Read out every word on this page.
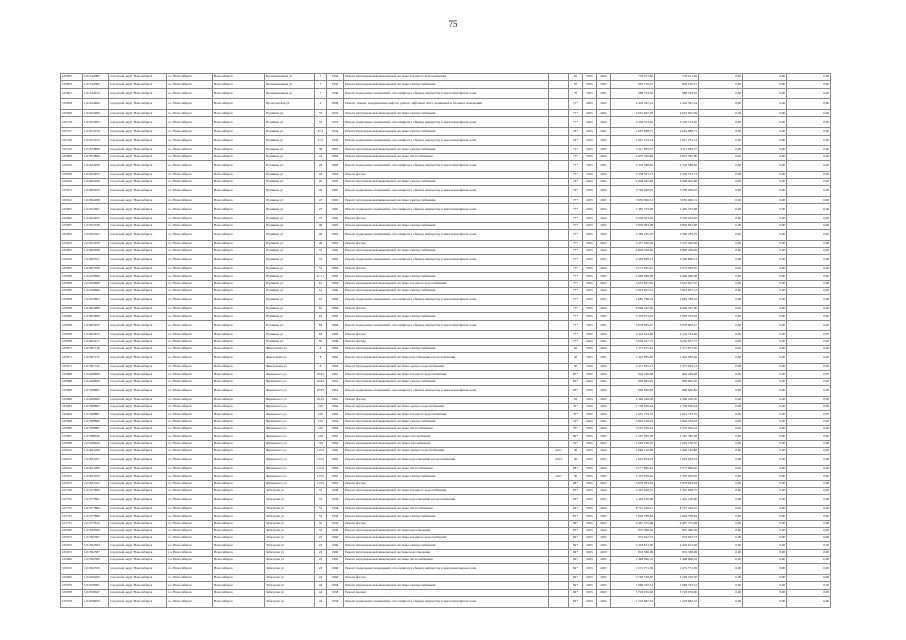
75
105825	1.01542385	городской округ Новосибирск	г.о. Новосибирск	Новосибирск	Промышленная ул	7	1950	Ремонт внутридомовой инженерной системы холодного водоснабжения		95	2025	2025	776 251,82	776 251,82	0,00	0,00	0,00
105823	1.01542383	городской округ Новосибирск	г.о. Новосибирск	Новосибирск	Промышленная ул	7	1950	Ремонт внутридомовой инженерной системы электроснабжения		95	2025	2025	959 156,51	959 156,51	0,00	0,00	0,00
105821	1.01542424	городской округ Новосибирск	г.о. Новосибирск	Новосибирск	Промышленная ул	7	1950	Ремонт подвальных помещений, относящихся к общему имуществу в многоквартирном доме		70	2025	2025	688 704,52	688 704,52	0,00	0,00	0,00
105858	1.01614469	городской округ Новосибирск	г.о. Новосибирск	Новосибирск	Пролетарская ул	4	2008	Ремонт, замена, модернизация лифтов, ремонт лифтовых шахт, машинных и блочных помещений		71*	2025	2025	2 418 597,14	2 418 597,14	0,00	0,00	0,00
105839	1.01653909	городской округ Новосибирск	г.о. Новосибирск	Новосибирск	Пушкина ул	37	1955	Ремонт внутридомовой инженерной системы электроснабжения		77*	2025	2025	4 655 697,09	4 655 697,09	0,00	0,00	0,00
105128	1.01653903	городской округ Новосибирск	г.о. Новосибирск	Новосибирск	Пушкина ул	37	1955	Ремонт подвальных помещений, относящихся к общему имуществу в многоквартирном доме		77*	2025	2025	2 536 574,20	2 536 574,20	0,00	0,00	0,00
105317	1.01674758	городской округ Новосибирск	г.о. Новосибирск	Новосибирск	Пушкина ул	37/1	1956	Ремонт внутридомовой инженерной системы электроснабжения		76*	2025	2025	2 663 988,71	2 663 988,71	0,00	0,00	0,00
105318	1.01674752	городской округ Новосибирск	г.о. Новосибирск	Новосибирск	Пушкина ул	37/1	1956	Ремонт подвальных помещений, относящихся к общему имуществу в многоквартирном доме		76*	2025	2025	1 047 274,14	1 047 274,14	0,00	0,00	0,00
105316	1.01674808	городской округ Новосибирск	г.о. Новосибирск	Новосибирск	Пушкина ул	39	1963	Ремонт внутридомовой инженерной системы электроснабжения		71*	2025	2025	3 311 083,37	3 311 083,37	0,00	0,00	0,00
105808	1.01674809	городской округ Новосибирск	г.о. Новосибирск	Новосибирск	Пушкина ул	43	1963	Ремонт внутридомовой инженерной системы теплоснабжения		77*	2025	2025	4 855 392,86	4 855 392,86	0,00	0,00	0,00
105810	1.01654030	городской округ Новосибирск	г.о. Новосибирск	Новосибирск	Пушкина ул	43	1963	Ремонт подвальных помещений, относящихся к общему имуществу в многоквартирном доме		77*	2025	2025	2 319 588,62	2 319 588,62	0,00	0,00	0,00
105058	1.01654055	городской округ Новосибирск	г.о. Новосибирск	Новосибирск	Пушкина ул	43	1963	Ремонт фасада		77*	2025	2025	5 338 523,73	5 338 523,73	0,00	0,00	0,00
105816	1.01694108	городской округ Новосибирск	г.о. Новосибирск	Новосибирск	Пушкина ул	45	1965	Ремонт внутридомовой инженерной системы электроснабжения		76*	2025	2025	4 908 005,66	4 908 005,66	0,00	0,00	0,00
105815	1.01694100	городской округ Новосибирск	г.о. Новосибирск	Новосибирск	Пушкина ул	45	1965	Ремонт подвальных помещений, относящихся к общему имуществу в многоквартирном доме		76*	2025	2025	3 799 048,07	3 799 048,07	0,00	0,00	0,00
105812	1.01694098	городской округ Новосибирск	г.о. Новосибирск	Новосибирск	Пушкина ул	47	1965	Ремонт внутридомовой инженерной системы электроснабжения		77*	2025	2025	3 859 066,31	3 859 066,31	0,00	0,00	0,00
105837	1.01654307	городской округ Новосибирск	г.о. Новосибирск	Новосибирск	Пушкина ул	47	1965	Ремонт подвальных помещений, относящихся к общему имуществу в многоквартирном доме		77*	2025	2025	7 465 703,08	7 465 703,08	0,00	0,00	0,00
105842	1.01654203	городской округ Новосибирск	г.о. Новосибирск	Новосибирск	Пушкина ул	47	1965	Ремонт фасада		77*	2025	2025	3 556 453,02	3 556 453,02	0,00	0,00	0,00
105837	1.01654338	городской округ Новосибирск	г.о. Новосибирск	Новосибирск	Пушкина ул	49	1965	Ремонт внутридомовой инженерной системы электроснабжения		77*	2025	2025	3 850 993,08	3 850 993,08	0,00	0,00	0,00
105843	1.01654303	городской округ Новосибирск	г.о. Новосибирск	Новосибирск	Пушкина ул	49	1965	Ремонт подвальных помещений, относящихся к общему имуществу в многоквартирном доме		77*	2025	2025	2 566 185,79	2 566 185,79	0,00	0,00	0,00
105823	1.01654359	городской округ Новосибирск	г.о. Новосибирск	Новосибирск	Пушкина ул	49	1965	Ремонт фасада		77*	2025	2025	5 337 420,36	5 337 420,36	0,00	0,00	0,00
105825	1.01663598	городской округ Новосибирск	г.о. Новосибирск	Новосибирск	Пушкина ул	53	1965	Ремонт внутридомовой инженерной системы электроснабжения		77*	2025	2025	4 809 436,09	4 809 436,09	0,00	0,00	0,00
105919	1.01663557	городской округ Новосибирск	г.о. Новосибирск	Новосибирск	Пушкина ул	53	1965	Ремонт подвальных помещений, относящихся к общему имуществу в многоквартирном доме		77*	2025	2025	2 596 898,13	2 596 898,13	0,00	0,00	0,00
105825	1.01663558	городской округ Новосибирск	г.о. Новосибирск	Новосибирск	Пушкина ул	53	1965	Ремонт фасада		77*	2025	2025	5 572 020,95	5 572 020,95	0,00	0,00	0,00
105828	1.01458609	городской округ Новосибирск	г.о. Новосибирск	Новосибирск	Пушкина ул	2/ст.1	1966	Ремонт внутридомовой инженерной системы электроснабжения		77*	2025	2025	4 966 966,08	4 966 966,08	0,00	0,00	0,00
105838	1.01458608	городской округ Новосибирск	г.о. Новосибирск	Новосибирск	Пушкина ул	61	1966	Ремонт внутридомовой инженерной системы холодного водоснабжения		77*	2025	2025	5 655 607,65	5 655 607,65	0,00	0,00	0,00
105839	1.01458606	городской округ Новосибирск	г.о. Новосибирск	Новосибирск	Пушкина ул	61	1966	Ремонт внутридомовой инженерной системы электроснабжения		77*	2025	2025	3 943 657,12	3 943 657,12	0,00	0,00	0,00
105838	1.01458603	городской округ Новосибирск	г.о. Новосибирск	Новосибирск	Пушкина ул	61	1966	Ремонт подвальных помещений, относящихся к общему имуществу в многоквартирном доме		77*	2025	2025	2 682 788,16	2 682 788,16	0,00	0,00	0,00
105839	1.01663906	городской округ Новосибирск	г.о. Новосибирск	Новосибирск	Пушкина ул	61	1966	Ремонт фасада		77*	2025	2025	6 966 547,06	6 966 547,06	0,00	0,00	0,00
105840	1.01663909	городской округ Новосибирск	г.о. Новосибирск	Новосибирск	Пушкина ул	63	1966	Ремонт внутридомовой инженерной системы электроснабжения		77*	2025	2025	5 293 353,63	5 293 353,63	0,00	0,00	0,00
105838	1.01663932	городской округ Новосибирск	г.о. Новосибирск	Новосибирск	Пушкина ул	63	1966	Ремонт подвальных помещений, относящихся к общему имуществу в многоквартирном доме		77*	2025	2025	3 678 809,47	3 678 809,47	0,00	0,00	0,00
105838	1.01663913	городской округ Новосибирск	г.о. Новосибирск	Новосибирск	Пушкина ул	63	1966	Ремонт фасада		77*	2025	2025	2 316 534,66	2 316 534,66	0,00	0,00	0,00
105838	1.01663917	городской округ Новосибирск	г.о. Новосибирск	Новосибирск	Пушкина ул	65	1966	Ремонт фасада		77*	2025	2025	3 039 027,72	3 039 027,72	0,00	0,00	0,00
105875	1.01587138	городской округ Новосибирск	г.о. Новосибирск	Новосибирск	Жемчужная ул	8	1962	Ремонт внутридомовой инженерной системы электроснабжения		50	2025	2025	1 371 675,92	1 371 675,92	0,00	0,00	0,00
105871	1.01587137	городской округ Новосибирск	г.о. Новосибирск	Новосибирск	Жемчужная ул	8	1962	Ремонт внутридомовой инженерной системы водоотведения и водоснабжения		50	2025	2025	1 422 085,46	1 422 085,46	0,00	0,00	0,00
105971	1.01587145	городской округ Новосибирск	г.о. Новосибирск	Новосибирск	Жемчужная ул	8	1962	Ремонт внутридомовой инженерной системы горячего водоснабжения		50	2025	2025	1 371 625,12	1 371 625,12	0,00	0,00	0,00
105868	1.01498609	городской округ Новосибирск	г.о. Новосибирск	Новосибирск	Жуковского ул	103/3	1961	Ремонт внутридомовой инженерной системы холодного водоснабжения		83*	2025	2025	904 299,98	904 299,98	0,00	0,00	0,00
105868	1.01498608	городской округ Новосибирск	г.о. Новосибирск	Новосибирск	Жуковского ул	103/2	1961	Ремонт внутридомовой инженерной системы электроснабжения		83*	2025	2025	809 695,95	809 695,95	0,00	0,00	0,00
105868	1.01598605	городской округ Новосибирск	г.о. Новосибирск	Новосибирск	Жуковского ул	103/2	1961	Ремонт подвальных помещений, относящихся к общему имуществу в многоквартирном доме		83*	2025	2025	696 820,82	696 820,82	0,00	0,00	0,00
105906	1.01498606	городской округ Новосибирск	г.о. Новосибирск	Новосибирск	Жуковского ул	103/2	1961	Ремонт фасада		83	2025	2025	2 369 428,56	2 369 428,56	0,00	0,00	0,00
105905	1.01588883	городской округ Новосибирск	г.о. Новосибирск	Новосибирск	Жуковского ул	105	1964	Ремонт внутридомовой инженерной системы горячего водоснабжения		79*	2025	2025	1 758 038,44	1 758 038,44	0,00	0,00	0,00
105904	1.01588885	городской округ Новосибирск	г.о. Новосибирск	Новосибирск	Жуковского ул	105	1964	Ремонт внутридомовой инженерной системы холодного водоснабжения		79*	2025	2025	1 001 703,55	1 001 703,55	0,00	0,00	0,00
105908	1.01588886	городской округ Новосибирск	г.о. Новосибирск	Новосибирск	Жуковского ул	105	1964	Ремонт внутридомовой инженерной системы электроснабжения		79*	2025	2025	5 994 558,43	5 994 558,43	0,00	0,00	0,00
105906	1.01588887	городской округ Новосибирск	г.о. Новосибирск	Новосибирск	Жуковского ул	105	1964	Ремонт внутридомовой инженерной системы теплоснабжения		79*	2025	2025	3 510 056,44	3 510 056,44	0,00	0,00	0,00
105907	1.01588338	городской округ Новосибирск	г.о. Новосибирск	Новосибирск	Жуковского ул	109	1965	Ремонт внутридомовой инженерной системы газоснабжения		80*	2025	2025	1 267 582,28	1 267 582,28	0,00	0,00	0,00
105908	1.01649924	городской округ Новосибирск	г.о. Новосибирск	Новосибирск	Жуковского ул	119	1964	Ремонт внутридомовой инженерной системы газоснабжения		79*	2025	2025	1 029 196,35	1 029 196,35	0,00	0,00	0,00
105912	1.01831208	городской округ Новосибирск	г.о. Новосибирск	Новосибирск	Жуковского ул	115/2	1965	Ремонт внутридомовой инженерной системы горячего водоснабжения	2011	30	2025	2025	1 996 130,68	1 996 130,68	0,00	0,00	0,00
105912	1.01831207	городской округ Новосибирск	г.о. Новосибирск	Новосибирск	Жуковского ул	115/2	1965	Ремонт внутридомовой инженерной системы водоотведения и водоснабжения	2013	30	2025	2025	1 943 954,33	1 943 954,33	0,00	0,00	0,00
105912	1.01831206	городской округ Новосибирск	г.о. Новосибирск	Новосибирск	Жуковского ул	115/2	1965	Ремонт внутридомовой инженерной системы теплоснабжения		88*	2025	2025	5 577 860,62	5 577 860,62	0,00	0,00	0,00
105912	1.01831204	городской округ Новосибирск	г.о. Новосибирск	Новосибирск	Жуковского ул	115/2	1965	Ремонт внутридомовой инженерной системы электроснабжения	2011	30	2025	2025	1 355 059,02	1 355 059,02	0,00	0,00	0,00
105913	1.01831202	городской округ Новосибирск	г.о. Новосибирск	Новосибирск	Жуковского ул	115/2	1965	Ремонт фасада		88*	2025	2025	5 878 093,63	5 878 093,63	0,00	0,00	0,00
107729	1.01577808	городской округ Новосибирск	г.о. Новосибирск	Новосибирск	Забалуева ул	53	1958	Ремонт внутридомовой инженерной системы холодного водоснабжения		83*	2025	2025	1 305 626,75	1 305 626,75	0,00	0,00	0,00
107725	1.01577805	городской округ Новосибирск	г.о. Новосибирск	Новосибирск	Забалуева ул	53	1958	Ремонт внутридомовой инженерной системы водоотведения и водоснабжения		83*	2025	2025	1 444 120,00	1 444 120,00	0,00	0,00	0,00
107725	1.01577802	городской округ Новосибирск	г.о. Новосибирск	Новосибирск	Забалуева ул	53	1958	Ремонт внутридомовой инженерной системы теплоснабжения		83*	2025	2025	8 721 329,61	8 721 329,61	0,00	0,00	0,00
107725	1.01577809	городской округ Новосибирск	г.о. Новосибирск	Новосибирск	Забалуева ул	53	1958	Ремонт внутридомовой инженерной системы электроснабжения		83*	2025	2025	1 604 798,84	1 604 798,84	0,00	0,00	0,00
107731	1.01577810	городской округ Новосибирск	г.о. Новосибирск	Новосибирск	Забалуева ул	55	1959	Ремонт фасада		89*	2025	2025	9 467 375,98	9 467 375,98	0,00	0,00	0,00
105920	1.01630308	городской округ Новосибирск	г.о. Новосибирск	Новосибирск	Забалуева ул	55	1959	Ремонт внутридомовой инженерной системы водоотведения		83*	2025	2025	875 490,39	875 490,39	0,00	0,00	0,00
105972	1.01592387	городской округ Новосибирск	г.о. Новосибирск	Новосибирск	Забалуева ул	23	1960	Ремонт внутридомовой инженерной системы холодного водоснабжения		84*	2025	2025	974 022,73	974 022,73	0,00	0,00	0,00
105972	1.01592384	городской округ Новосибирск	г.о. Новосибирск	Новосибирск	Забалуева ул	23	1960	Ремонт внутридомовой инженерной системы электроснабжения		84*	2025	2025	2 418 613,26	2 418 613,26	0,00	0,00	0,00
105972	1.01592387	городской округ Новосибирск	г.о. Новосибирск	Новосибирск	Забалуева ул	23	1960	Ремонт внутридомовой инженерной системы водоотведения		84*	2025	2029	819 586,06	819 586,06	0,00	0,00	0,00
105962	1.01592386	городской округ Новосибирск	г.о. Новосибирск	Новосибирск	Забалуева ул	23	1960	Ремонт внутридомовой инженерной системы теплоснабжения		84*	2025	2025	1 468 996,16	1 468 996,16	0,00	0,00	0,00
105972	1.01592333	городской округ Новосибирск	г.о. Новосибирск	Новосибирск	Забалуева ул	23	1960	Ремонт подвальных помещений, относящихся к общему имуществу в многоквартирном доме		84*	2025	2025	1 072 771,59	1 072 771,59	0,00	0,00	0,00
105962	1.01630200	городской округ Новосибирск	г.о. Новосибирск	Новосибирск	Забалуева ул	24	1960	Ремонт фасада		84*	2025	2025	3 748 536,50	3 748 536,50	0,00	0,00	0,00
105979	1.01678001	городской округ Новосибирск	г.о. Новосибирск	Новосибирск	Забалуева ул	44	1958	Ремонт внутридомовой инженерной системы электроснабжения		84*	2025	2025	1 069 763,31	1 069 763,31	0,00	0,00	0,00
105978	1.01658947	городской округ Новосибирск	г.о. Новосибирск	Новосибирск	Забалуева ул	44	1958	Ремонт кровли		84*	2025	2025	5 729 676,00	5 729 676,00	0,00	0,00	0,00
105978	1.01658933	городской округ Новосибирск	г.о. Новосибирск	Новосибирск	Забалуева ул	44	1958	Ремонт подвальных помещений, относящихся к общему имуществу в многоквартирном доме		84*	2025	2025	1 218 687,52	1 218 687,52	0,00	0,00	0,00
